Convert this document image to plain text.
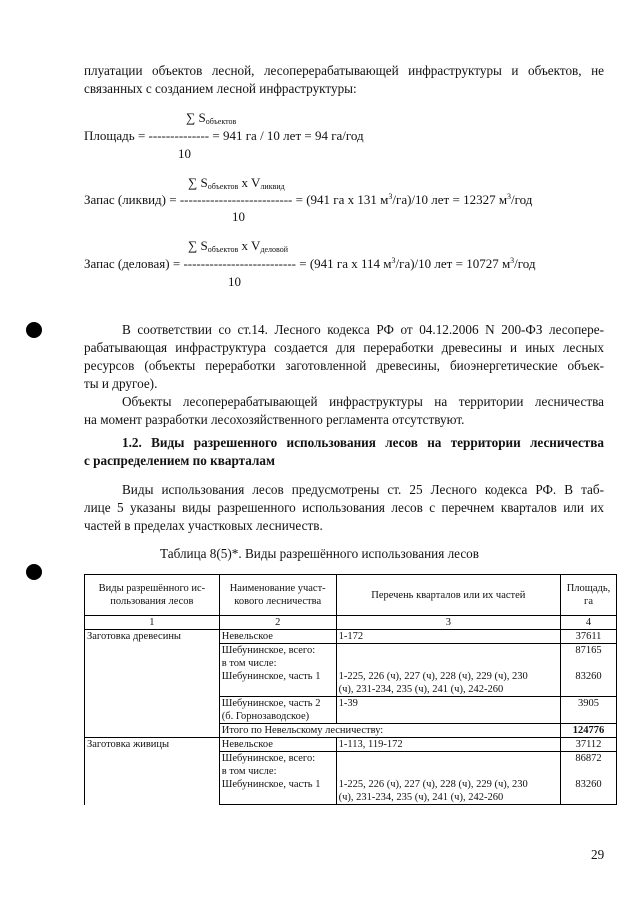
плуатации объектов лесной, лесоперерабатывающей инфраструктуры и объектов, не
связанных с созданием лесной инфраструктуры:
∑ $S_{объектов}$
Площадь = -------------- = 941 га / 10 лет = 94 га/год
10
∑ $S_{объектов}$ x $V_{ликвид}$
Запас (ликвид) = -------------------------- = (941 га х 131 $м^3/га)/10$ лет = 12327 $м^3$/год
10
∑ $S_{объектов}$ x $V_{деловой}$
Запас (деловая) = -------------------------- = (941 га х 114 $м^3/га)/10$ лет = 10727 $м^3$/год
10
В соответствии со ст.14. Лесного кодекса РФ от 04.12.2006 N 200-ФЗ лесопере-
рабатывающая инфраструктура создается для переработки древесины и иных лесных
ресурсов (объекты переработки заготовленной древесины, биоэнергетические объек-
ты и другое).
Объекты лесоперерабатывающей инфраструктуры на территории лесничества
на момент разработки лесохозяйственного регламента отсутствуют.
1.2. Виды разрешенного использования лесов на территории лесничества
с распределением по кварталам
Виды использования лесов предусмотрены ст. 25 Лесного кодекса РФ. В таб-
лице 5 указаны виды разрешенного использования лесов с перечнем кварталов или их
частей в пределах участковых лесничеств.
Таблица 8(5)*. Виды разрешённого использования лесов
Виды разрешённого ис-пользования лесов	Наименование участ-кового лесничества	Перечень кварталов или их частей	Площадь, га
1	2	3	4
Заготовка древесины	Невельское	1-172	37611

	Шебунинское, всего:
в том числе:		87165
	Шебунинское, часть 1	1-225, 226 (ч), 227 (ч), 228 (ч), 229 (ч), 230
(ч), 231-234, 235 (ч), 241 (ч), 242-260	83260

	Шебунинское, часть 2
(б. Горнозаводское)	1-39	3905
	Итого по Невельскому лесничеству:		124776
Заготовка живицы	Невельское	1-113, 119-172	37112

	Шебунинское, всего:
в том числе:		86872
	Шебунинское, часть 1	1-225, 226 (ч), 227 (ч), 228 (ч), 229 (ч), 230
(ч), 231-234, 235 (ч), 241 (ч), 242-260	83260
29
